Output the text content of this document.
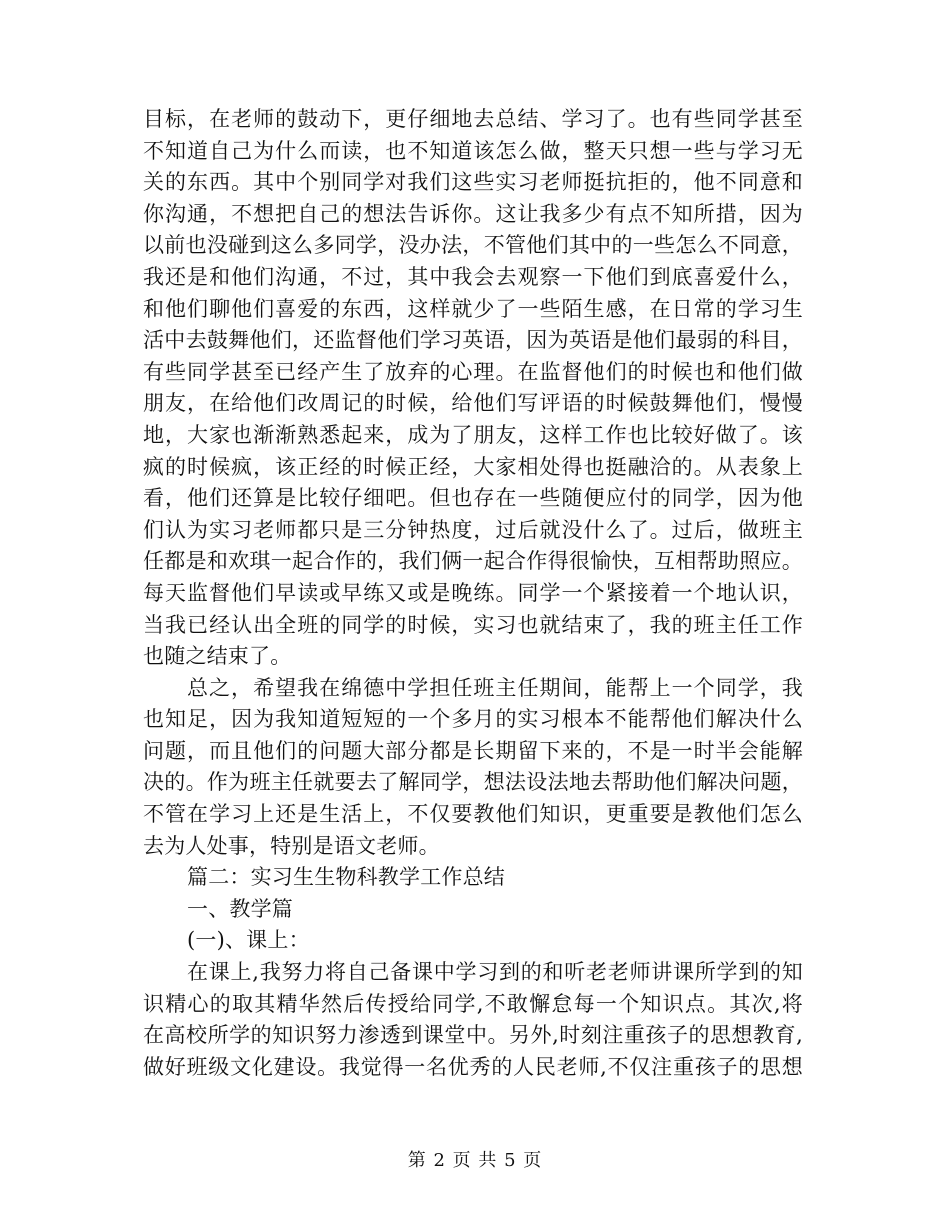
目标，在老师的鼓动下，更仔细地去总结、学习了。也有些同学甚至
不知道自己为什么而读，也不知道该怎么做，整天只想一些与学习无
关的东西。其中个别同学对我们这些实习老师挺抗拒的，他不同意和
你沟通，不想把自己的想法告诉你。这让我多少有点不知所措，因为
以前也没碰到这么多同学，没办法，不管他们其中的一些怎么不同意，
我还是和他们沟通，不过，其中我会去观察一下他们到底喜爱什么，
和他们聊他们喜爱的东西，这样就少了一些陌生感，在日常的学习生
活中去鼓舞他们，还监督他们学习英语，因为英语是他们最弱的科目，
有些同学甚至已经产生了放弃的心理。在监督他们的时候也和他们做
朋友，在给他们改周记的时候，给他们写评语的时候鼓舞他们，慢慢
地，大家也渐渐熟悉起来，成为了朋友，这样工作也比较好做了。该
疯的时候疯，该正经的时候正经，大家相处得也挺融洽的。从表象上
看，他们还算是比较仔细吧。但也存在一些随便应付的同学，因为他
们认为实习老师都只是三分钟热度，过后就没什么了。过后，做班主
任都是和欢琪一起合作的，我们俩一起合作得很愉快，互相帮助照应。
每天监督他们早读或早练又或是晚练。同学一个紧接着一个地认识，
当我已经认出全班的同学的时候，实习也就结束了，我的班主任工作
也随之结束了。
总之，希望我在绵德中学担任班主任期间，能帮上一个同学，我
也知足，因为我知道短短的一个多月的实习根本不能帮他们解决什么
问题，而且他们的问题大部分都是长期留下来的，不是一时半会能解
决的。作为班主任就要去了解同学，想法设法地去帮助他们解决问题，
不管在学习上还是生活上，不仅要教他们知识，更重要是教他们怎么
去为人处事，特别是语文老师。
篇二：实习生生物科教学工作总结
一、教学篇
(一)、课上：
在课上,我努力将自己备课中学习到的和听老老师讲课所学到的知
识精心的取其精华然后传授给同学,不敢懈怠每一个知识点。其次,将
在高校所学的知识努力渗透到课堂中。另外,时刻注重孩子的思想教育,
做好班级文化建设。我觉得一名优秀的人民老师,不仅注重孩子的思想
第 2 页 共 5 页
